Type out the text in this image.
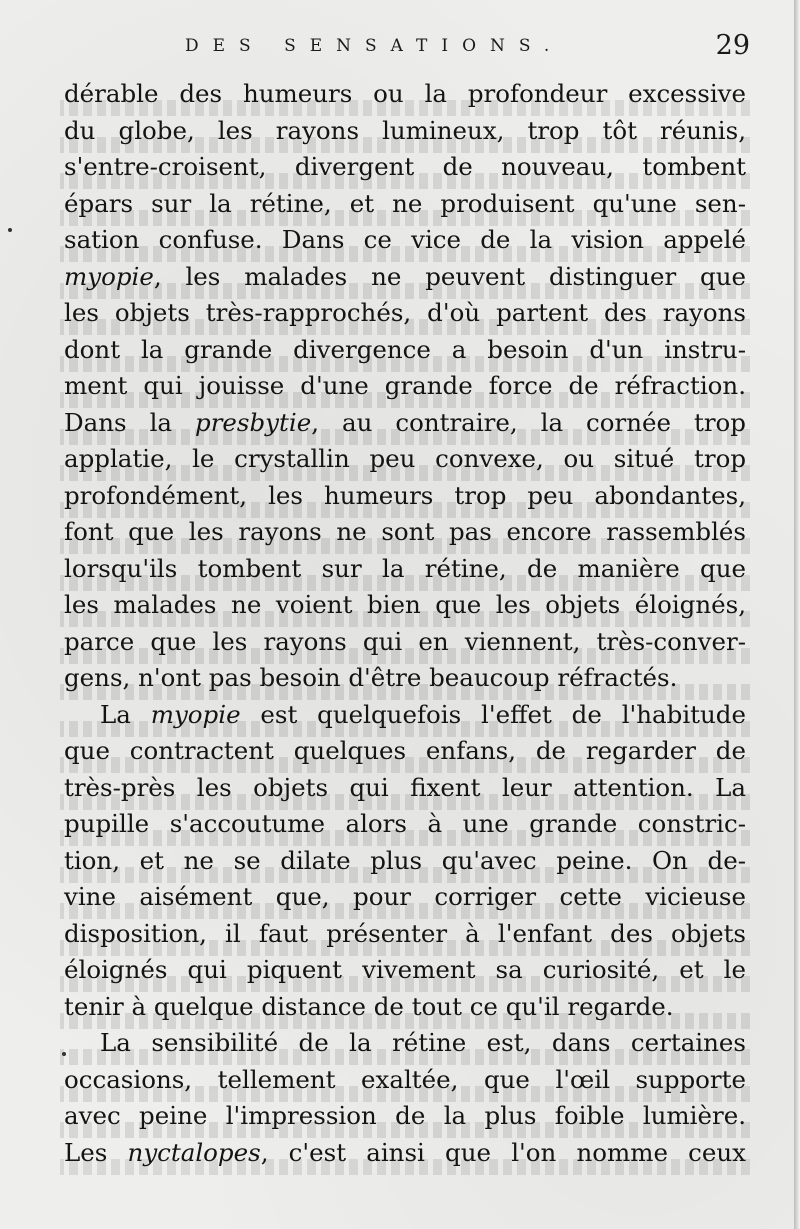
DES SENSATIONS.	29
dérable des humeurs ou la profondeur excessive
du globe, les rayons lumineux, trop tôt réunis,
s'entre-croisent, divergent de nouveau, tombent
épars sur la rétine, et ne produisent qu'une sen-
sation confuse. Dans ce vice de la vision appelé
myopie, les malades ne peuvent distinguer que
les objets très-rapprochés, d'où partent des rayons
dont la grande divergence a besoin d'un instru-
ment qui jouisse d'une grande force de réfraction.
Dans la presbytie, au contraire, la cornée trop
applatie, le crystallin peu convexe, ou situé trop
profondément, les humeurs trop peu abondantes,
font que les rayons ne sont pas encore rassemblés
lorsqu'ils tombent sur la rétine, de manière que
les malades ne voient bien que les objets éloignés,
parce que les rayons qui en viennent, très-conver-
gens, n'ont pas besoin d'être beaucoup réfractés.
La myopie est quelquefois l'effet de l'habitude
que contractent quelques enfans, de regarder de
très-près les objets qui fixent leur attention. La
pupille s'accoutume alors à une grande constric-
tion, et ne se dilate plus qu'avec peine. On de-
vine aisément que, pour corriger cette vicieuse
disposition, il faut présenter à l'enfant des objets
éloignés qui piquent vivement sa curiosité, et le
tenir à quelque distance de tout ce qu'il regarde.
La sensibilité de la rétine est, dans certaines
occasions, tellement exaltée, que l'œil supporte
avec peine l'impression de la plus foible lumière.
Les nyctalopes, c'est ainsi que l'on nomme ceux
